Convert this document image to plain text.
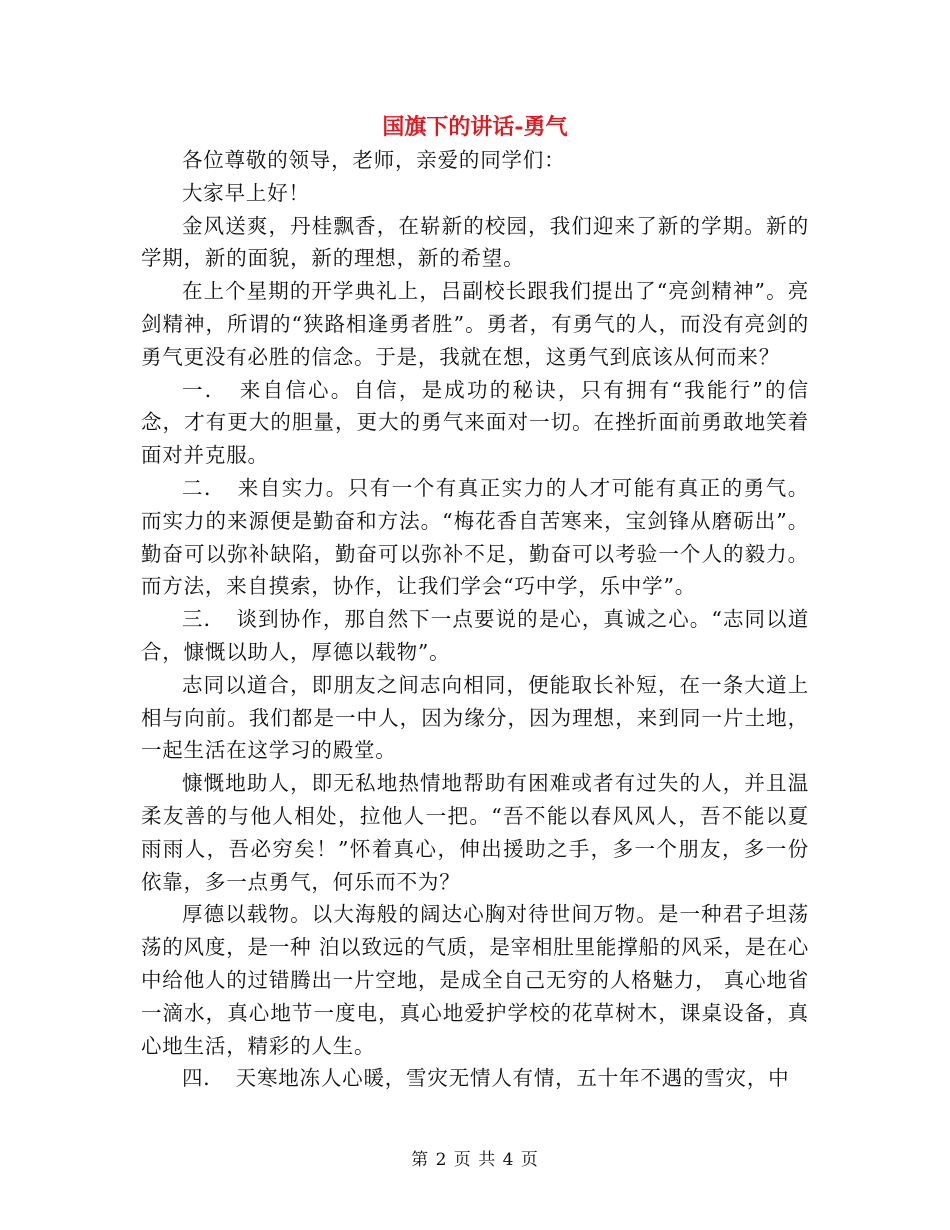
国旗下的讲话-勇气

各位尊敬的领导，老师，亲爱的同学们：

大家早上好！

金风送爽，丹桂飘香，在崭新的校园，我们迎来了新的学期。新的学期，新的面貌，新的理想，新的希望。

在上个星期的开学典礼上，吕副校长跟我们提出了“亮剑精神”。亮剑精神，所谓的“狭路相逢勇者胜”。勇者，有勇气的人，而没有亮剑的勇气更没有必胜的信念。于是，我就在想，这勇气到底该从何而来？

一．　来自信心。自信，是成功的秘诀，只有拥有“我能行”的信念，才有更大的胆量，更大的勇气来面对一切。在挫折面前勇敢地笑着面对并克服。

二．　来自实力。只有一个有真正实力的人才可能有真正的勇气。而实力的来源便是勤奋和方法。“梅花香自苦寒来，宝剑锋从磨砺出”。勤奋可以弥补缺陷，勤奋可以弥补不足，勤奋可以考验一个人的毅力。而方法，来自摸索，协作，让我们学会“巧中学，乐中学”。

三．　谈到协作，那自然下一点要说的是心，真诚之心。“志同以道合，慷慨以助人，厚德以载物”。

志同以道合，即朋友之间志向相同，便能取长补短，在一条大道上相与向前。我们都是一中人，因为缘分，因为理想，来到同一片土地，一起生活在这学习的殿堂。

慷慨地助人，即无私地热情地帮助有困难或者有过失的人，并且温柔友善的与他人相处，拉他人一把。“吾不能以春风风人，吾不能以夏雨雨人，吾必穷矣！”怀着真心，伸出援助之手，多一个朋友，多一份依靠，多一点勇气，何乐而不为？

厚德以载物。以大海般的阔达心胸对待世间万物。是一种君子坦荡荡的风度，是一种 泊以致远的气质，是宰相肚里能撑船的风采，是在心中给他人的过错腾出一片空地，是成全自己无穷的人格魅力， 真心地省一滴水，真心地节一度电，真心地爱护学校的花草树木，课桌设备，真心地生活，精彩的人生。

四．　天寒地冻人心暖，雪灾无情人有情，五十年不遇的雪灾，中

第 2 页 共 4 页
